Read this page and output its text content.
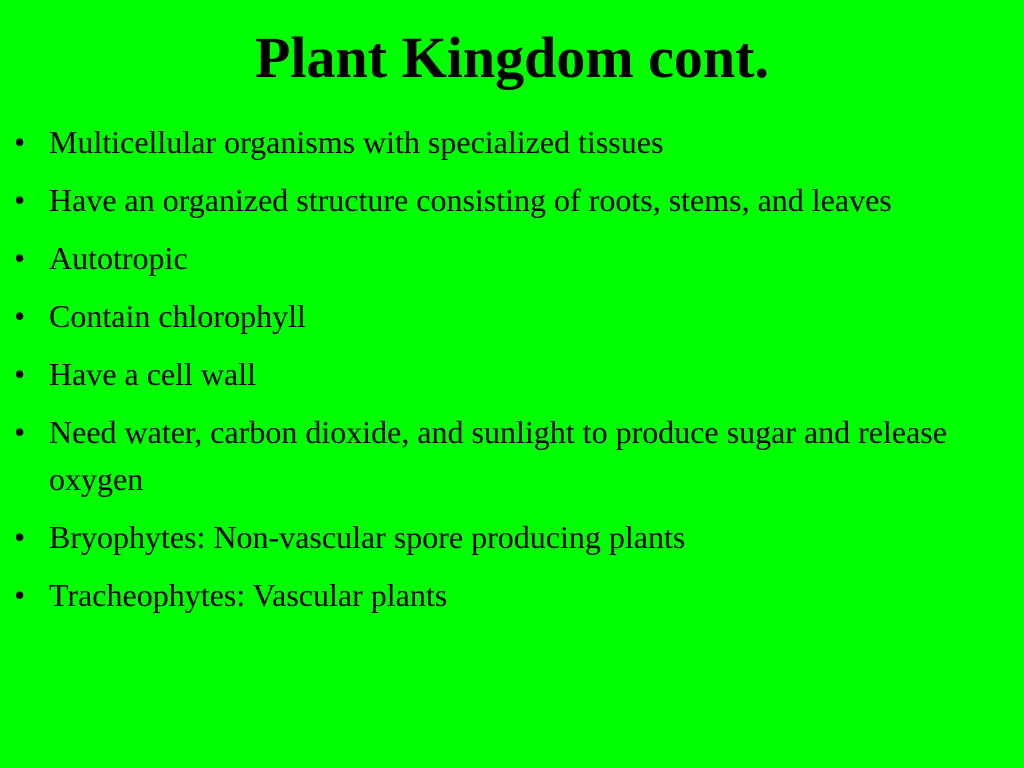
Plant Kingdom cont.
• Multicellular organisms with specialized tissues
• Have an organized structure consisting of roots, stems, and leaves
• Autotropic
• Contain chlorophyll
• Have a cell wall
• Need water, carbon dioxide, and sunlight to produce sugar and release oxygen
• Bryophytes: Non-vascular spore producing plants
• Tracheophytes: Vascular plants
